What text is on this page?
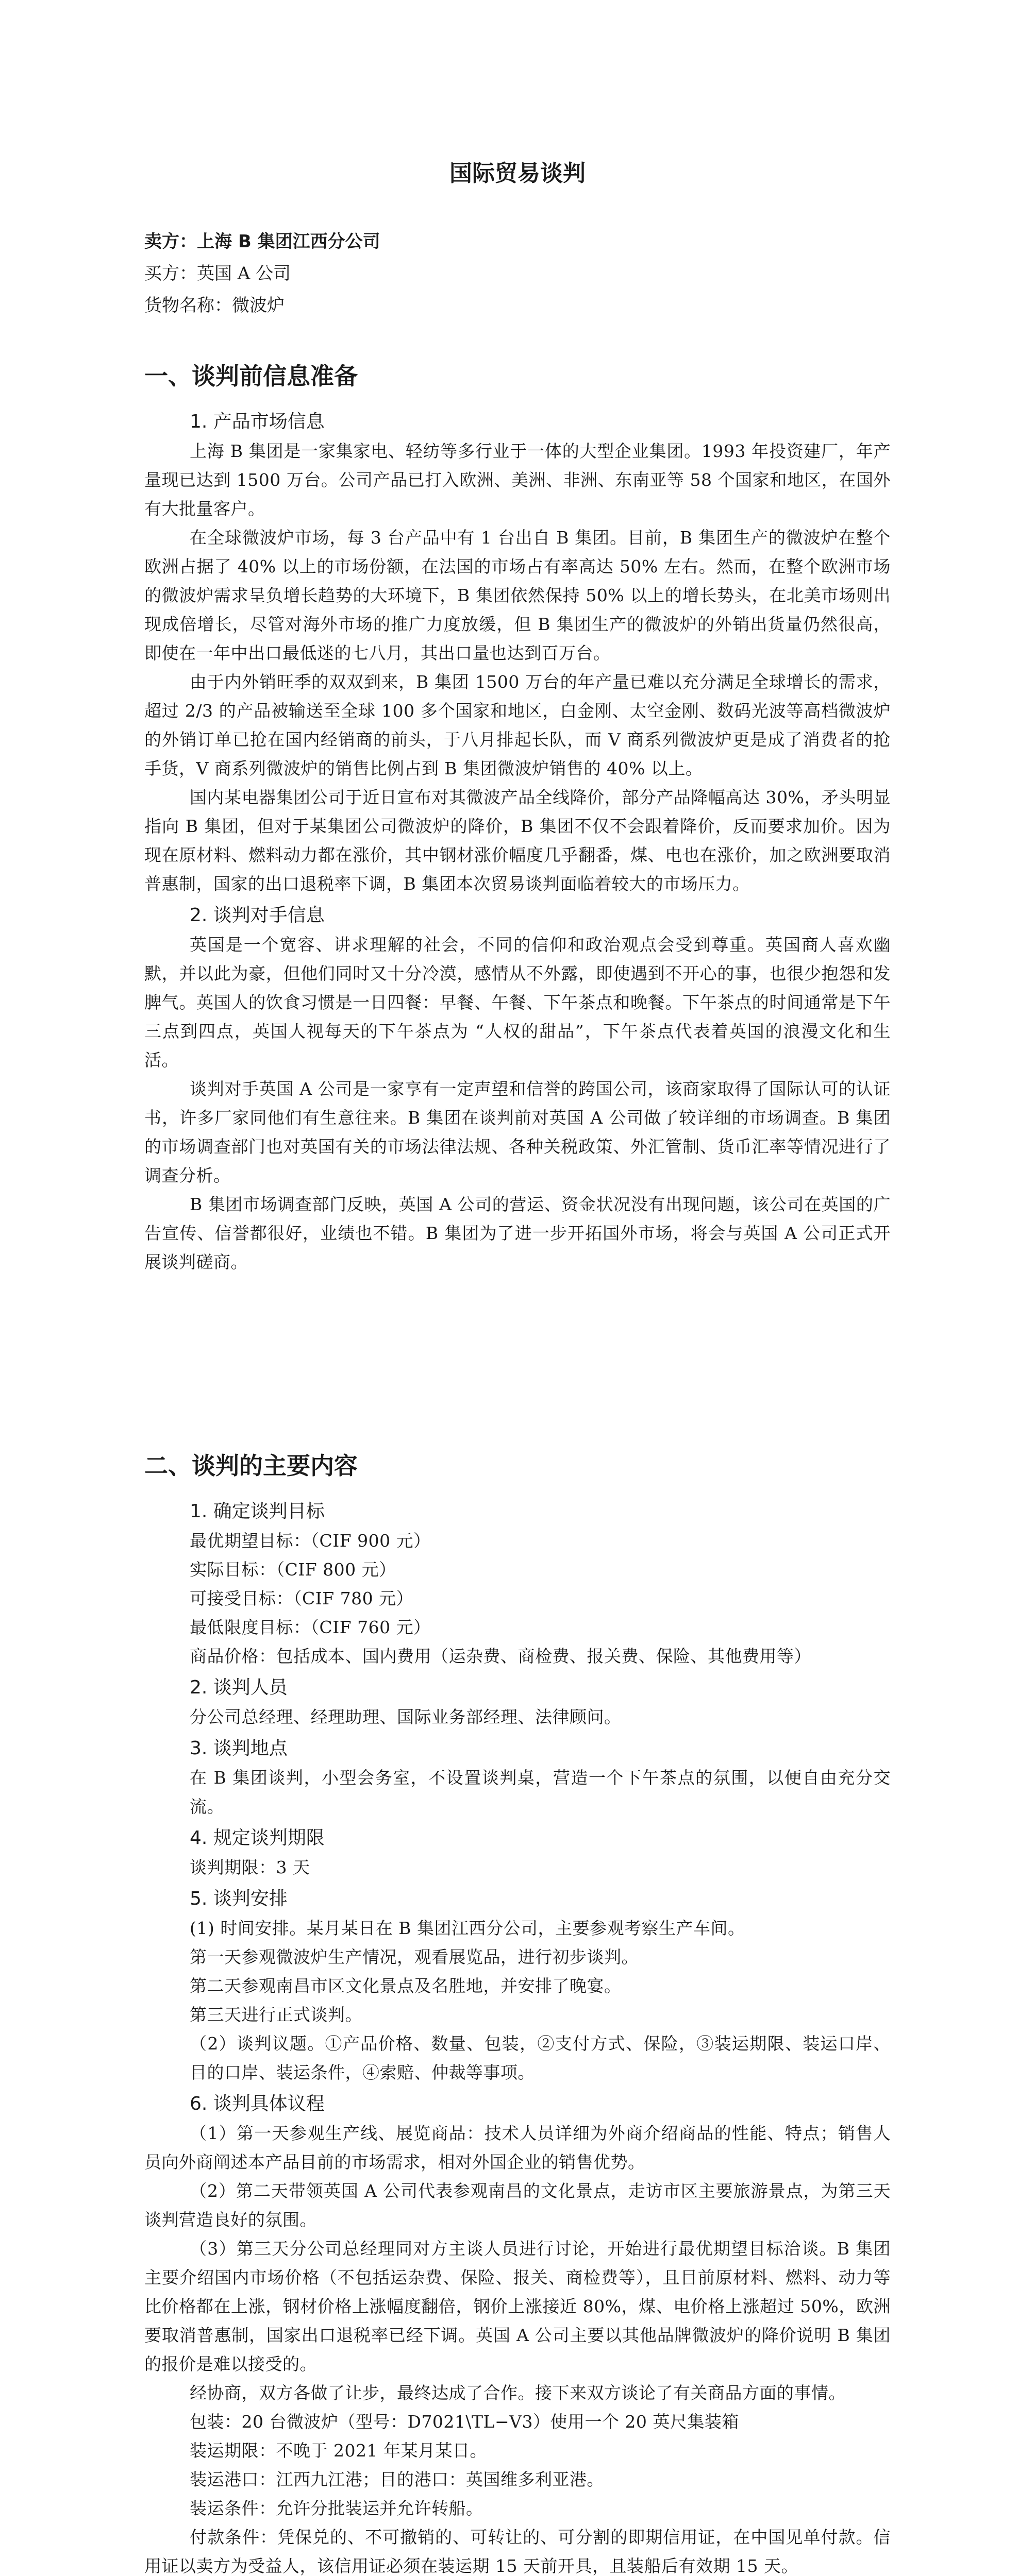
国际贸易谈判
卖方：上海 B 集团江西分公司
买方：英国 A 公司
货物名称：微波炉
一、谈判前信息准备
1. 产品市场信息

上海 B 集团是一家集家电、轻纺等多行业于一体的大型企业集团。1993 年投资建厂，年产量现已达到 1500 万台。公司产品已打入欧洲、美洲、非洲、东南亚等 58 个国家和地区，在国外有大批量客户。

在全球微波炉市场，每 3 台产品中有 1 台出自 B 集团。目前，B 集团生产的微波炉在整个欧洲占据了 40% 以上的市场份额，在法国的市场占有率高达 50% 左右。然而，在整个欧洲市场的微波炉需求呈负增长趋势的大环境下，B 集团依然保持 50% 以上的增长势头，在北美市场则出现成倍增长，尽管对海外市场的推广力度放缓，但 B 集团生产的微波炉的外销出货量仍然很高，即使在一年中出口最低迷的七八月，其出口量也达到百万台。

由于内外销旺季的双双到来，B 集团 1500 万台的年产量已难以充分满足全球增长的需求，超过 2/3 的产品被输送至全球 100 多个国家和地区，白金刚、太空金刚、数码光波等高档微波炉的外销订单已抢在国内经销商的前头，于八月排起长队，而 V 商系列微波炉更是成了消费者的抢手货，V 商系列微波炉的销售比例占到 B 集团微波炉销售的 40% 以上。

国内某电器集团公司于近日宣布对其微波产品全线降价，部分产品降幅高达 30%，矛头明显指向 B 集团，但对于某集团公司微波炉的降价，B 集团不仅不会跟着降价，反而要求加价。因为现在原材料、燃料动力都在涨价，其中钢材涨价幅度几乎翻番，煤、电也在涨价，加之欧洲要取消普惠制，国家的出口退税率下调，B 集团本次贸易谈判面临着较大的市场压力。

2. 谈判对手信息

英国是一个宽容、讲求理解的社会，不同的信仰和政治观点会受到尊重。英国商人喜欢幽默，并以此为豪，但他们同时又十分冷漠，感情从不外露，即使遇到不开心的事，也很少抱怨和发脾气。英国人的饮食习惯是一日四餐：早餐、午餐、下午茶点和晚餐。下午茶点的时间通常是下午三点到四点，英国人视每天的下午茶点为 “人权的甜品”，下午茶点代表着英国的浪漫文化和生活。

谈判对手英国 A 公司是一家享有一定声望和信誉的跨国公司，该商家取得了国际认可的认证书，许多厂家同他们有生意往来。B 集团在谈判前对英国 A 公司做了较详细的市场调查。B 集团的市场调查部门也对英国有关的市场法律法规、各种关税政策、外汇管制、货币汇率等情况进行了调查分析。

B 集团市场调查部门反映，英国 A 公司的营运、资金状况没有出现问题，该公司在英国的广告宣传、信誉都很好，业绩也不错。B 集团为了进一步开拓国外市场，将会与英国 A 公司正式开展谈判磋商。

二、谈判的主要内容
1. 确定谈判目标

最优期望目标：（CIF 900 元）

实际目标：（CIF 800 元）

可接受目标：（CIF 780 元）

最低限度目标：（CIF 760 元）

商品价格：包括成本、国内费用（运杂费、商检费、报关费、保险、其他费用等）

2. 谈判人员

分公司总经理、经理助理、国际业务部经理、法律顾问。

3. 谈判地点

在 B 集团谈判，小型会务室，不设置谈判桌，营造一个下午茶点的氛围，以便自由充分交流。

4. 规定谈判期限

谈判期限：3 天

5. 谈判安排

(1) 时间安排。某月某日在 B 集团江西分公司，主要参观考察生产车间。

第一天参观微波炉生产情况，观看展览品，进行初步谈判。

第二天参观南昌市区文化景点及名胜地，并安排了晚宴。

第三天进行正式谈判。

（2）谈判议题。①产品价格、数量、包装，②支付方式、保险，③装运期限、装运口岸、目的口岸、装运条件，④索赔、仲裁等事项。

6. 谈判具体议程

（1）第一天参观生产线、展览商品：技术人员详细为外商介绍商品的性能、特点；销售人员向外商阐述本产品目前的市场需求，相对外国企业的销售优势。

（2）第二天带领英国 A 公司代表参观南昌的文化景点，走访市区主要旅游景点，为第三天谈判营造良好的氛围。

（3）第三天分公司总经理同对方主谈人员进行讨论，开始进行最优期望目标洽谈。B 集团主要介绍国内市场价格（不包括运杂费、保险、报关、商检费等），且目前原材料、燃料、动力等比价格都在上涨，钢材价格上涨幅度翻倍，钢价上涨接近 80%，煤、电价格上涨超过 50%，欧洲要取消普惠制，国家出口退税率已经下调。英国 A 公司主要以其他品牌微波炉的降价说明 B 集团的报价是难以接受的。

经协商，双方各做了让步，最终达成了合作。接下来双方谈论了有关商品方面的事情。

包装：20 台微波炉（型号：D7021\TL−V3）使用一个 20 英尺集装箱

装运期限：不晚于 2021 年某月某日。

装运港口：江西九江港；目的港口：英国维多利亚港。

装运条件：允许分批装运并允许转船。

付款条件：凭保兑的、不可撤销的、可转让的、可分割的即期信用证，在中国见单付款。信用证以卖方为受益人，该信用证必须在装运期 15 天前开具，且装船后有效期 15 天。
